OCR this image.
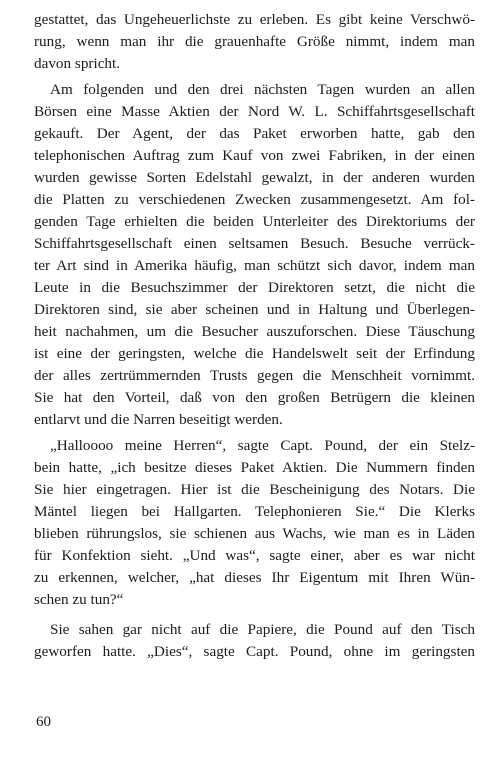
gestattet, das Ungeheuerlichste zu erleben. Es gibt keine Verschwö-
rung, wenn man ihr die grauenhafte Größe nimmt, indem man
davon spricht.
Am folgenden und den drei nächsten Tagen wurden an allen
Börsen eine Masse Aktien der Nord W. L. Schiffahrtsgesellschaft
gekauft. Der Agent, der das Paket erworben hatte, gab den
telephonischen Auftrag zum Kauf von zwei Fabriken, in der einen
wurden gewisse Sorten Edelstahl gewalzt, in der anderen wurden
die Platten zu verschiedenen Zwecken zusammengesetzt. Am fol-
genden Tage erhielten die beiden Unterleiter des Direktoriums der
Schiffahrtsgesellschaft einen seltsamen Besuch. Besuche verrück-
ter Art sind in Amerika häufig, man schützt sich davor, indem man
Leute in die Besuchszimmer der Direktoren setzt, die nicht die
Direktoren sind, sie aber scheinen und in Haltung und Überlegen-
heit nachahmen, um die Besucher auszuforschen. Diese Täuschung
ist eine der geringsten, welche die Handelswelt seit der Erfindung
der alles zertrümmernden Trusts gegen die Menschheit vornimmt.
Sie hat den Vorteil, daß von den großen Betrügern die kleinen
entlarvt und die Narren beseitigt werden.
„Halloooo meine Herren“, sagte Capt. Pound, der ein Stelz-
bein hatte, „ich besitze dieses Paket Aktien. Die Nummern finden
Sie hier eingetragen. Hier ist die Bescheinigung des Notars. Die
Mäntel liegen bei Hallgarten. Telephonieren Sie.“ Die Klerks
blieben rührungslos, sie schienen aus Wachs, wie man es in Läden
für Konfektion sieht. „Und was“, sagte einer, aber es war nicht
zu erkennen, welcher, „hat dieses Ihr Eigentum mit Ihren Wün-
schen zu tun?“
Sie sahen gar nicht auf die Papiere, die Pound auf den Tisch
geworfen hatte. „Dies“, sagte Capt. Pound, ohne im geringsten
60
